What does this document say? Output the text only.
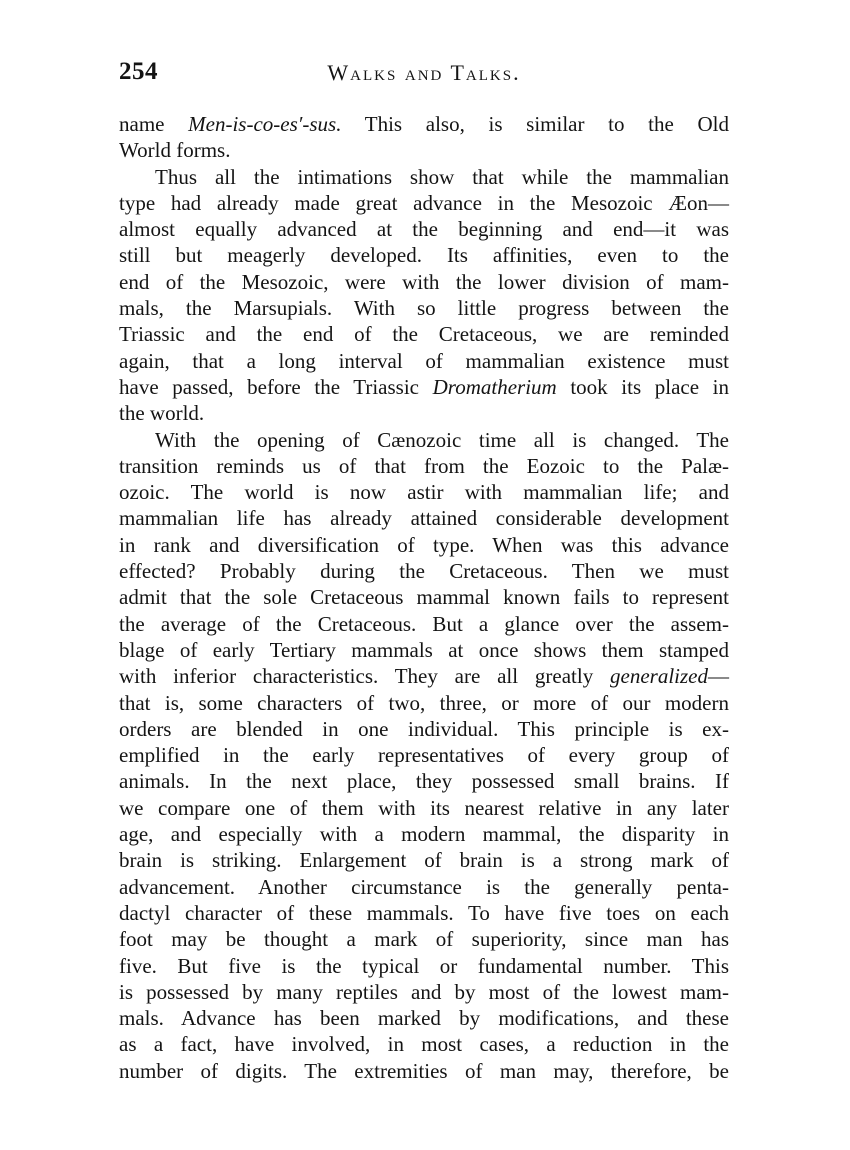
254	Walks and Talks.
name Men-is-co-es′-sus. This also, is similar to the Old
World forms.
Thus all the intimations show that while the mammalian
type had already made great advance in the Mesozoic Æon—
almost equally advanced at the beginning and end—it was
still but meagerly developed. Its affinities, even to the
end of the Mesozoic, were with the lower division of mam-
mals, the Marsupials. With so little progress between the
Triassic and the end of the Cretaceous, we are reminded
again, that a long interval of mammalian existence must
have passed, before the Triassic Dromatherium took its place in
the world.
With the opening of Cænozoic time all is changed. The
transition reminds us of that from the Eozoic to the Palæ-
ozoic. The world is now astir with mammalian life; and
mammalian life has already attained considerable development
in rank and diversification of type. When was this advance
effected? Probably during the Cretaceous. Then we must
admit that the sole Cretaceous mammal known fails to represent
the average of the Cretaceous. But a glance over the assem-
blage of early Tertiary mammals at once shows them stamped
with inferior characteristics. They are all greatly generalized—
that is, some characters of two, three, or more of our modern
orders are blended in one individual. This principle is ex-
emplified in the early representatives of every group of
animals. In the next place, they possessed small brains. If
we compare one of them with its nearest relative in any later
age, and especially with a modern mammal, the disparity in
brain is striking. Enlargement of brain is a strong mark of
advancement. Another circumstance is the generally penta-
dactyl character of these mammals. To have five toes on each
foot may be thought a mark of superiority, since man has
five. But five is the typical or fundamental number. This
is possessed by many reptiles and by most of the lowest mam-
mals. Advance has been marked by modifications, and these
as a fact, have involved, in most cases, a reduction in the
number of digits. The extremities of man may, therefore, be
